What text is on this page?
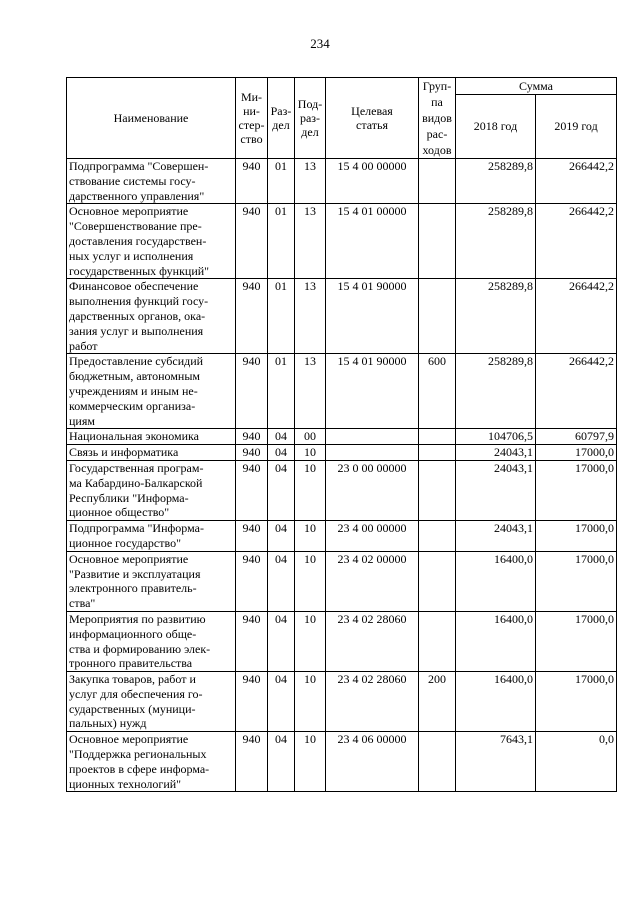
234
Наименование	Ми-
ни-
стер-
ство	Раз-
дел	Под-
раз-
дел	Целевая
статья	Груп-
па
видов
рас-
ходов	Сумма	
						2018 год	2019 год
Подпрограмма "Совершен-
ствование системы госу-
дарственного управления"	940	01	13	15 4 00 00000		258289,8	266442,2
Основное мероприятие
"Совершенствование пре-
доставления государствен-
ных услуг и исполнения
государственных функций"	940	01	13	15 4 01 00000		258289,8	266442,2
Финансовое обеспечение
выполнения функций госу-
дарственных органов, ока-
зания услуг и выполнения
работ	940	01	13	15 4 01 90000		258289,8	266442,2
Предоставление субсидий
бюджетным, автономным
учреждениям и иным не-
коммерческим организа-
циям	940	01	13	15 4 01 90000	600	258289,8	266442,2
Национальная экономика	940	04	00			104706,5	60797,9
Связь и информатика	940	04	10			24043,1	17000,0
Государственная програм-
ма Кабардино-Балкарской
Республики "Информа-
ционное общество"	940	04	10	23 0 00 00000		24043,1	17000,0
Подпрограмма "Информа-
ционное государство"	940	04	10	23 4 00 00000		24043,1	17000,0
Основное мероприятие
"Развитие и эксплуатация
электронного правитель-
ства"	940	04	10	23 4 02 00000		16400,0	17000,0
Мероприятия по развитию
информационного обще-
ства и формированию элек-
тронного правительства	940	04	10	23 4 02 28060		16400,0	17000,0
Закупка товаров, работ и
услуг для обеспечения го-
сударственных (муници-
пальных) нужд	940	04	10	23 4 02 28060	200	16400,0	17000,0
Основное мероприятие
"Поддержка региональных
проектов в сфере информа-
ционных технологий"	940	04	10	23 4 06 00000		7643,1	0,0
